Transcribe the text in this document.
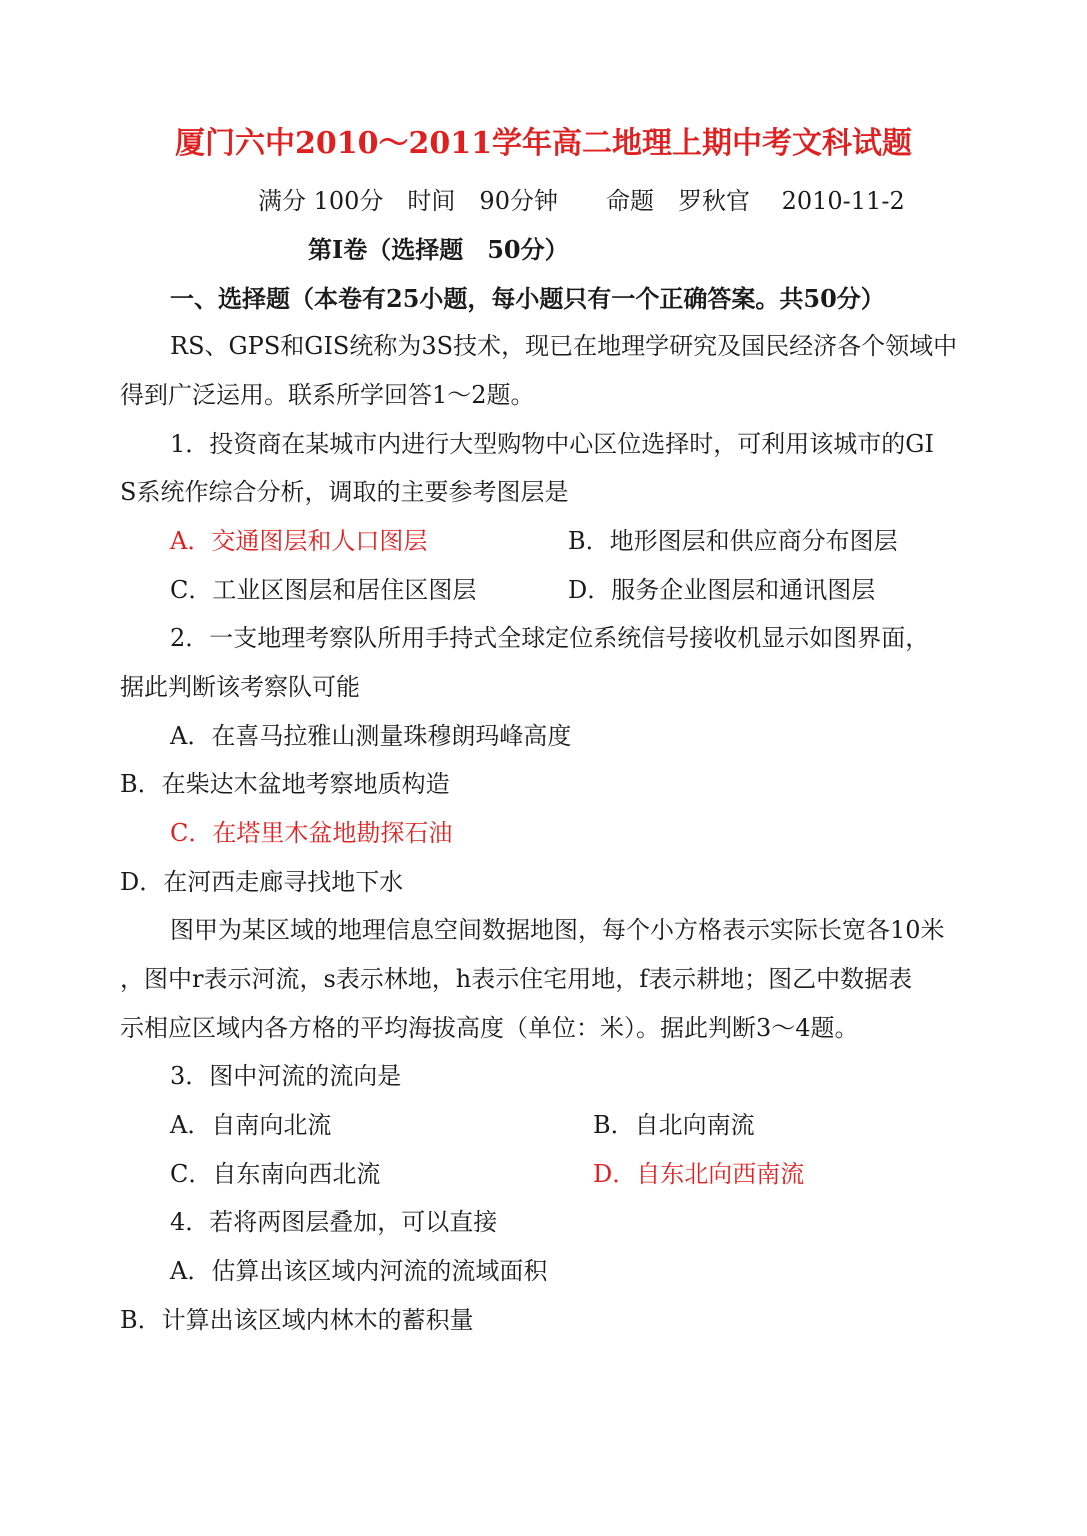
厦门六中2010～2011学年高二地理上期中考文科试题
满分 100分　时间　90分钟　　命题　罗秋官　 2010-11-2
第Ⅰ卷（选择题　50分）
一、选择题（本卷有25小题，每小题只有一个正确答案。共50分）
RS、GPS和GIS统称为3S技术，现已在地理学研究及国民经济各个领域中
得到广泛运用。联系所学回答1～2题。
1．投资商在某城市内进行大型购物中心区位选择时，可利用该城市的GI
S系统作综合分析，调取的主要参考图层是
A．交通图层和人口图层	B．地形图层和供应商分布图层
C．工业区图层和居住区图层	D．服务企业图层和通讯图层
2．一支地理考察队所用手持式全球定位系统信号接收机显示如图界面，
据此判断该考察队可能
A．在喜马拉雅山测量珠穆朗玛峰高度
B．在柴达木盆地考察地质构造
C．在塔里木盆地勘探石油
D．在河西走廊寻找地下水
图甲为某区域的地理信息空间数据地图，每个小方格表示实际长宽各10米
，图中r表示河流，s表示林地，h表示住宅用地，f表示耕地；图乙中数据表
示相应区域内各方格的平均海拔高度（单位：米）。据此判断3～4题。
3．图中河流的流向是
A．自南向北流	B．自北向南流
C．自东南向西北流	D．自东北向西南流
4．若将两图层叠加，可以直接
A．估算出该区域内河流的流域面积
B．计算出该区域内林木的蓄积量
